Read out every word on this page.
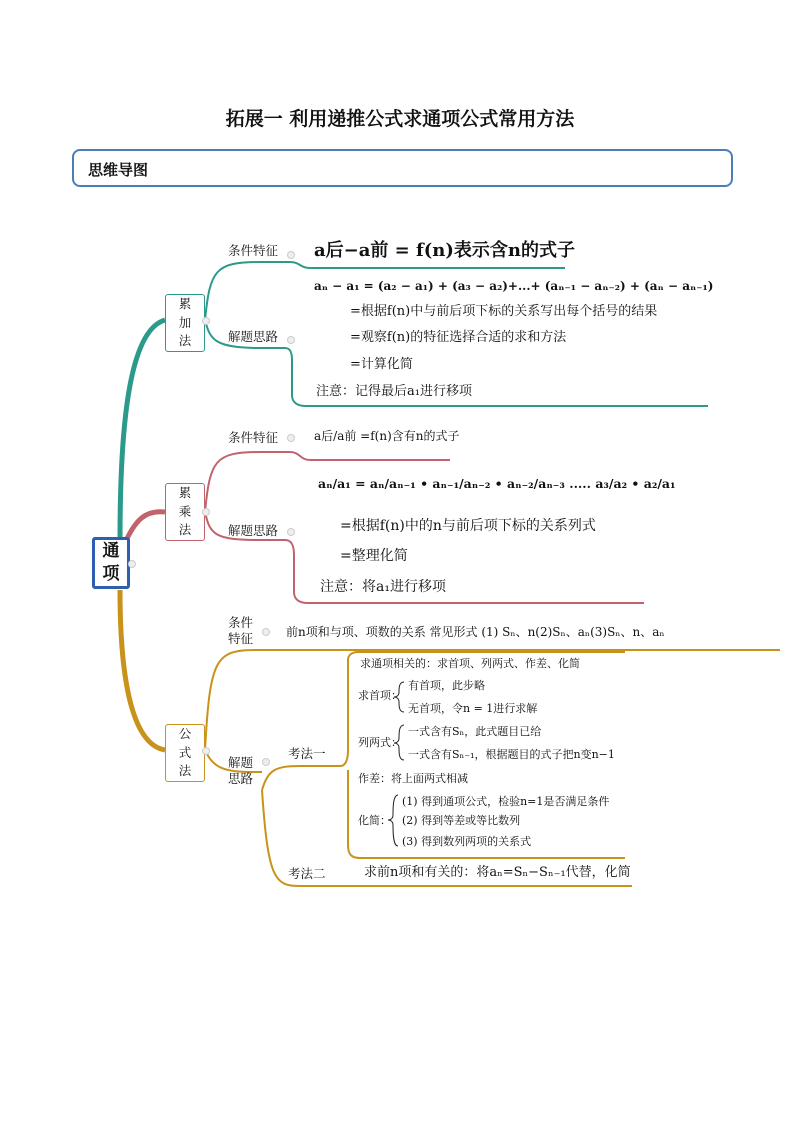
拓展一 利用递推公式求通项公式常用方法
思维导图
通
项
累
加
法
累
乘
法
公
式
法
条件特征 a后−a前 = f(n)表示含n的式子
解题思路
aₙ − a₁ = (a₂ − a₁) + (a₃ − a₂)+...+ (aₙ₋₁ − aₙ₋₂) + (aₙ − aₙ₋₁)
=根据f(n)中与前后项下标的关系写出每个括号的结果
=观察f(n)的特征选择合适的求和方法
=计算化简
注意：记得最后a₁进行移项
条件特征	a后/a前 =f(n)含有n的式子
解题思路
aₙ/a₁ = aₙ/aₙ₋₁ • aₙ₋₁/aₙ₋₂ • aₙ₋₂/aₙ₋₃ ..... a₃/a₂ • a₂/a₁
=根据f(n)中的n与前后项下标的关系列式
=整理化简
注意：将a₁进行移项
条件
特征	前n项和与项、项数的关系 常见形式 (1) Sₙ、n(2)Sₙ、aₙ(3)Sₙ、n、aₙ
解题
思路
考法一
求通项相关的：求首项、列两式、作差、化简
求首项：
有首项，此步略
无首项，令n = 1进行求解
列两式：
一式含有Sₙ，此式题目已给
一式含有Sₙ₋₁，根据题目的式子把n变n−1
作差：将上面两式相减
化简：
(1) 得到通项公式，检验n=1是否满足条件
(2) 得到等差或等比数列
(3) 得到数列两项的关系式
考法二	求前n项和有关的：将aₙ=Sₙ−Sₙ₋₁代替，化简
